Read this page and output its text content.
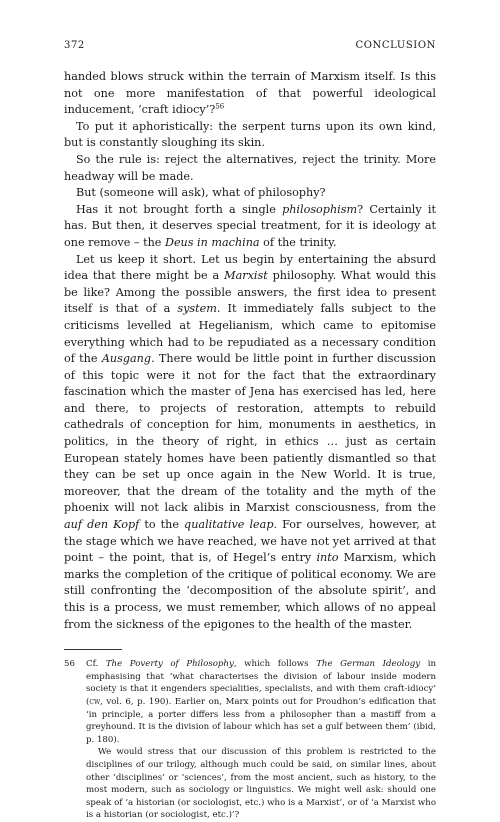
372	CONCLUSION

handed blows struck within the terrain of Marxism itself. Is this not one more manifestation of that powerful ideological inducement, ‘craft idiocy’?$^{56}$

To put it aphoristically: the serpent turns upon its own kind, but is constantly sloughing its skin.

So the rule is: reject the alternatives, reject the trinity. More headway will be made.

But (someone will ask), what of philosophy?

Has it not brought forth a single philosophism? Certainly it has. But then, it deserves special treatment, for it is ideology at one remove – the Deus in machina of the trinity.

Let us keep it short. Let us begin by entertaining the absurd idea that there might be a Marxist philosophy. What would this be like? Among the possible answers, the first idea to present itself is that of a system. It immediately falls subject to the criticisms levelled at Hegelianism, which came to epitomise everything which had to be repudiated as a necessary condition of the Ausgang. There would be little point in further discussion of this topic were it not for the fact that the extraordinary fascination which the master of Jena has exercised has led, here and there, to projects of restoration, attempts to rebuild cathedrals of conception for him, monuments in aesthetics, in politics, in the theory of right, in ethics … just as certain European stately homes have been patiently dismantled so that they can be set up once again in the New World. It is true, moreover, that the dream of the totality and the myth of the phoenix will not lack alibis in Marxist consciousness, from the auf den Kopf to the qualitative leap. For ourselves, however, at the stage which we have reached, we have not yet arrived at that point – the point, that is, of Hegel’s entry into Marxism, which marks the completion of the critique of political economy. We are still confronting the ‘decomposition of the absolute spirit’, and this is a process, we must remember, which allows of no appeal from the sickness of the epigones to the health of the master.

56	Cf. The Poverty of Philosophy, which follows The German Ideology in emphasising that ‘what characterises the division of labour inside modern society is that it engenders specialities, specialists, and with them craft-idiocy’ (cw, vol. 6, p. 190). Earlier on, Marx points out for Proudhon’s edification that ‘in principle, a porter differs less from a philosopher than a mastiff from a greyhound. It is the division of labour which has set a gulf between them’ (ibid, p. 180).

We would stress that our discussion of this problem is restricted to the disciplines of our trilogy, although much could be said, on similar lines, about other ‘disciplines’ or ‘sciences’, from the most ancient, such as history, to the most modern, such as sociology or linguistics. We might well ask: should one speak of ‘a historian (or sociologist, etc.) who is a Marxist’, or of ‘a Marxist who is a historian (or sociologist, etc.)’?
